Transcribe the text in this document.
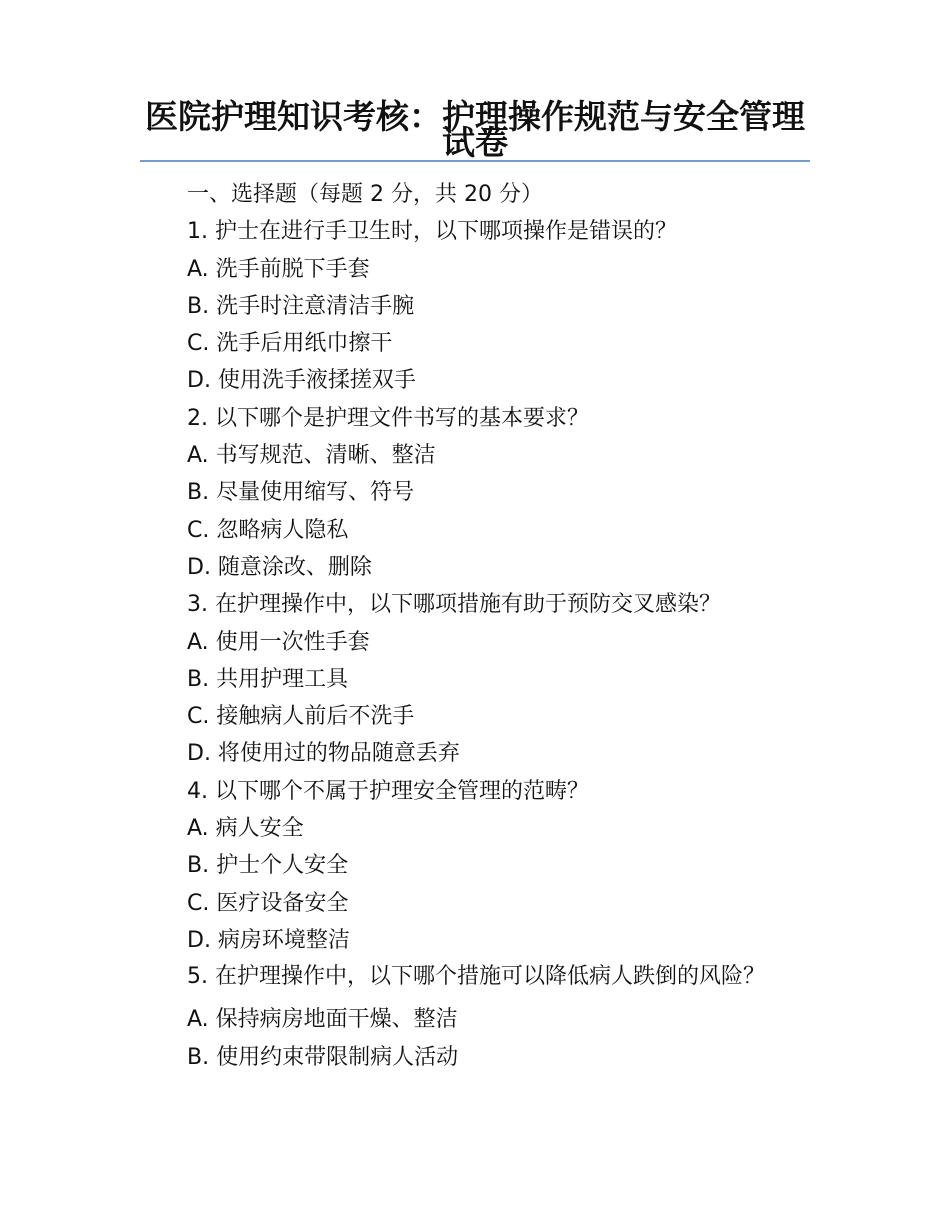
医院护理知识考核：护理操作规范与安全管理试卷

一、选择题（每题 2 分，共 20 分）

1. 护士在进行手卫生时，以下哪项操作是错误的？

A. 洗手前脱下手套

B. 洗手时注意清洁手腕

C. 洗手后用纸巾擦干

D. 使用洗手液揉搓双手

2. 以下哪个是护理文件书写的基本要求？

A. 书写规范、清晰、整洁

B. 尽量使用缩写、符号

C. 忽略病人隐私

D. 随意涂改、删除

3. 在护理操作中，以下哪项措施有助于预防交叉感染？

A. 使用一次性手套

B. 共用护理工具

C. 接触病人前后不洗手

D. 将使用过的物品随意丢弃

4. 以下哪个不属于护理安全管理的范畴？

A. 病人安全

B. 护士个人安全

C. 医疗设备安全

D. 病房环境整洁

5. 在护理操作中，以下哪个措施可以降低病人跌倒的风险？

A. 保持病房地面干燥、整洁

B. 使用约束带限制病人活动
